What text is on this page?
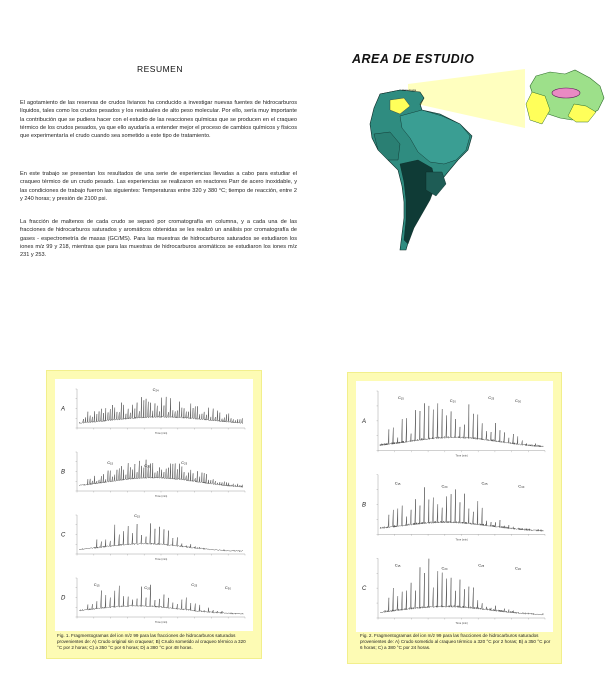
RESUMEN
El agotamiento de las reservas de crudos livianos ha conducido a investigar nuevas fuentes de hidrocarburos líquidos, tales como los crudos pesados y los residuales de alto peso molecular. Por ello, sería muy importante la contribución que se pudiera hacer con el estudio de las reacciones químicas que se producen en el craqueo térmico de los crudos pesados, ya que ello ayudaría a entender mejor el proceso de cambios químicos y físicos que experimentaría el crudo cuando sea sometido a este tipo de tratamiento.
En este trabajo se presentan los resultados de una serie de experiencias llevadas a cabo para estudiar el craqueo térmico de un crudo pesado. Las experiencias se realizaron en reactores Parr de acero inoxidable, y las condiciones de trabajo fueron las siguientes: Temperaturas entre 320 y 380 °C; tiempo de reacción, entre 2 y 240 horas; y presión de 2100 psi.
La fracción de maltenos de cada crudo se separó por cromatografía en columna, y a cada una de las fracciones de hidrocarburos saturados y aromáticos obtenidas se les realizó un análisis por cromatografía de gases - espectrometría de masas (GC/MS). Para las muestras de hidrocarburos saturados se estudiaron los iones m/z 99 y 218, mientras que para las muestras de hidrocarburos aromáticos se estudiaron los iones m/z 231 y 253.
AREA DE ESTUDIO
Venezuela
A
Time (min)
C₂₄
B
Time (min)
C₁₅
C₂₀
C₂₅
C
Time (min)
C₁₅
D
Time (min)
C₁₅
C₂₀
C₂₅
C₃₀
Fig. 1. Fragmentogramas del ion m/z 99 para las fracciones de hidrocarburos saturados provenientes de: A) Crudo original sin craquear; B) Crudo sometido al craqueo térmico a 320 °C por 2 horas; C) a 350 °C por 6 horas; D) a 380 °C por 48 horas.
A
Time (min)
C₁₅
C₂₀
C₂₅
C₃₀
B
Time (min)
C₁₅
C₂₀
C₂₅
C₃₀
C
Time (min)
C₁₅
C₂₀
C₂₅
C₃₀
Fig. 2. Fragmentogramas del ion m/z 99 para las fracciones de hidrocarburos saturados provenientes de: A) Crudo sometido al craqueo térmico a 320 °C por 2 horas; B) a 350 °C por 6 horas; C) a 380 °C por 24 horas.
